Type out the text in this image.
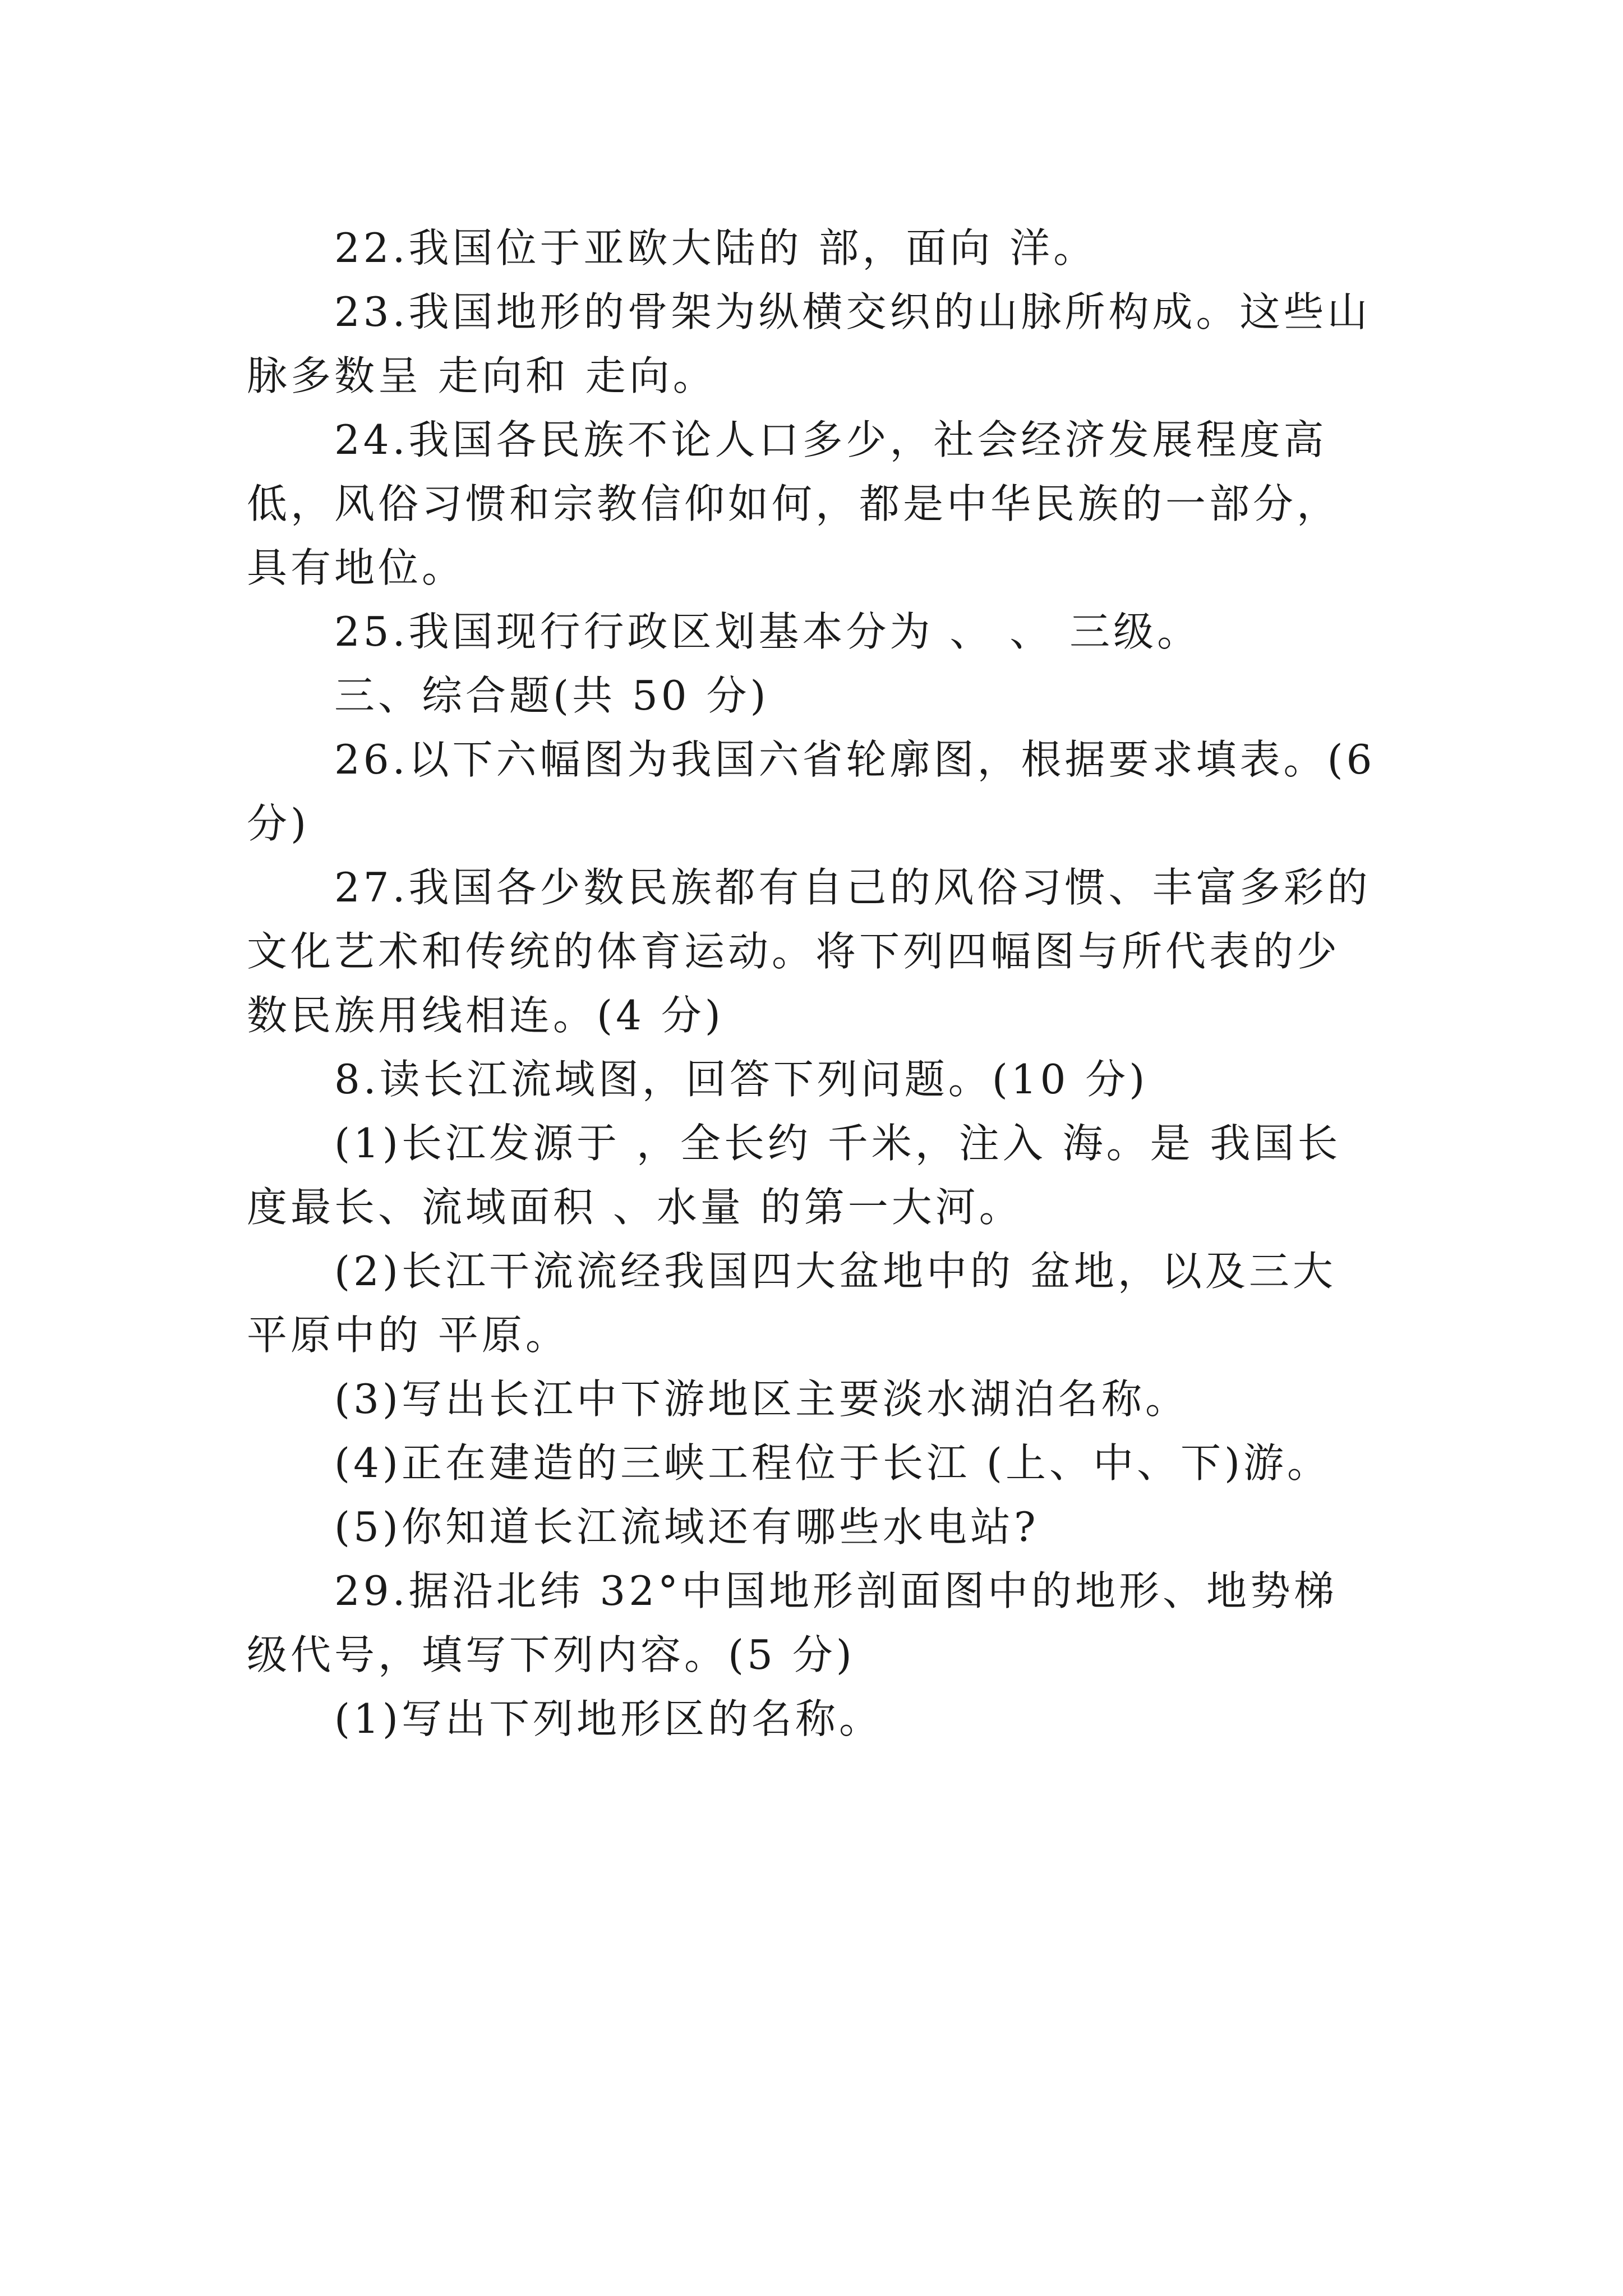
22.我国位于亚欧大陆的 部，面向 洋。

23.我国地形的骨架为纵横交织的山脉所构成。这些山脉多数呈 走向和 走向。

24.我国各民族不论人口多少，社会经济发展程度高低，风俗习惯和宗教信仰如何，都是中华民族的一部分，具有地位。

25.我国现行行政区划基本分为 、 、 三级。

三、综合题(共 50 分)

26.以下六幅图为我国六省轮廓图，根据要求填表。(6分)

27.我国各少数民族都有自己的风俗习惯、丰富多彩的文化艺术和传统的体育运动。将下列四幅图与所代表的少数民族用线相连。(4 分)

8.读长江流域图，回答下列问题。(10 分)

(1)长江发源于 ，全长约 千米，注入 海。是 我国长度最长、流域面积 、水量 的第一大河。

(2)长江干流流经我国四大盆地中的 盆地，以及三大平原中的 平原。

(3)写出长江中下游地区主要淡水湖泊名称。

(4)正在建造的三峡工程位于长江 (上、中、下)游。

(5)你知道长江流域还有哪些水电站?

29.据沿北纬 32°中国地形剖面图中的地形、地势梯级代号，填写下列内容。(5 分)

(1)写出下列地形区的名称。
